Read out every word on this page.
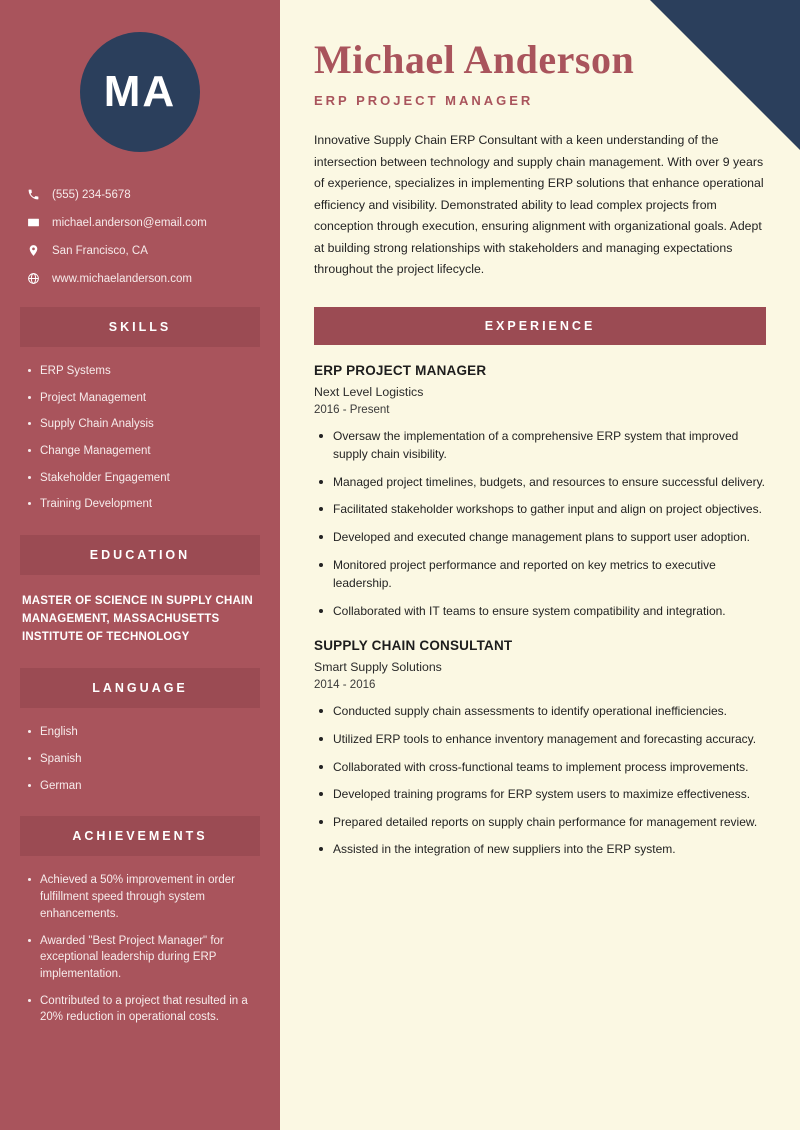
MA
(555) 234-5678
michael.anderson@email.com
San Francisco, CA
www.michaelanderson.com
SKILLS
ERP Systems
Project Management
Supply Chain Analysis
Change Management
Stakeholder Engagement
Training Development
EDUCATION
MASTER OF SCIENCE IN SUPPLY CHAIN MANAGEMENT, MASSACHUSETTS INSTITUTE OF TECHNOLOGY
LANGUAGE
English
Spanish
German
ACHIEVEMENTS
Achieved a 50% improvement in order fulfillment speed through system enhancements.
Awarded "Best Project Manager" for exceptional leadership during ERP implementation.
Contributed to a project that resulted in a 20% reduction in operational costs.
Michael Anderson
ERP PROJECT MANAGER

Innovative Supply Chain ERP Consultant with a keen understanding of the intersection between technology and supply chain management. With over 9 years of experience, specializes in implementing ERP solutions that enhance operational efficiency and visibility. Demonstrated ability to lead complex projects from conception through execution, ensuring alignment with organizational goals. Adept at building strong relationships with stakeholders and managing expectations throughout the project lifecycle.

EXPERIENCE
ERP PROJECT MANAGER
Next Level Logistics
2016 - Present
Oversaw the implementation of a comprehensive ERP system that improved supply chain visibility.
Managed project timelines, budgets, and resources to ensure successful delivery.
Facilitated stakeholder workshops to gather input and align on project objectives.
Developed and executed change management plans to support user adoption.
Monitored project performance and reported on key metrics to executive leadership.
Collaborated with IT teams to ensure system compatibility and integration.
SUPPLY CHAIN CONSULTANT
Smart Supply Solutions
2014 - 2016
Conducted supply chain assessments to identify operational inefficiencies.
Utilized ERP tools to enhance inventory management and forecasting accuracy.
Collaborated with cross-functional teams to implement process improvements.
Developed training programs for ERP system users to maximize effectiveness.
Prepared detailed reports on supply chain performance for management review.
Assisted in the integration of new suppliers into the ERP system.
